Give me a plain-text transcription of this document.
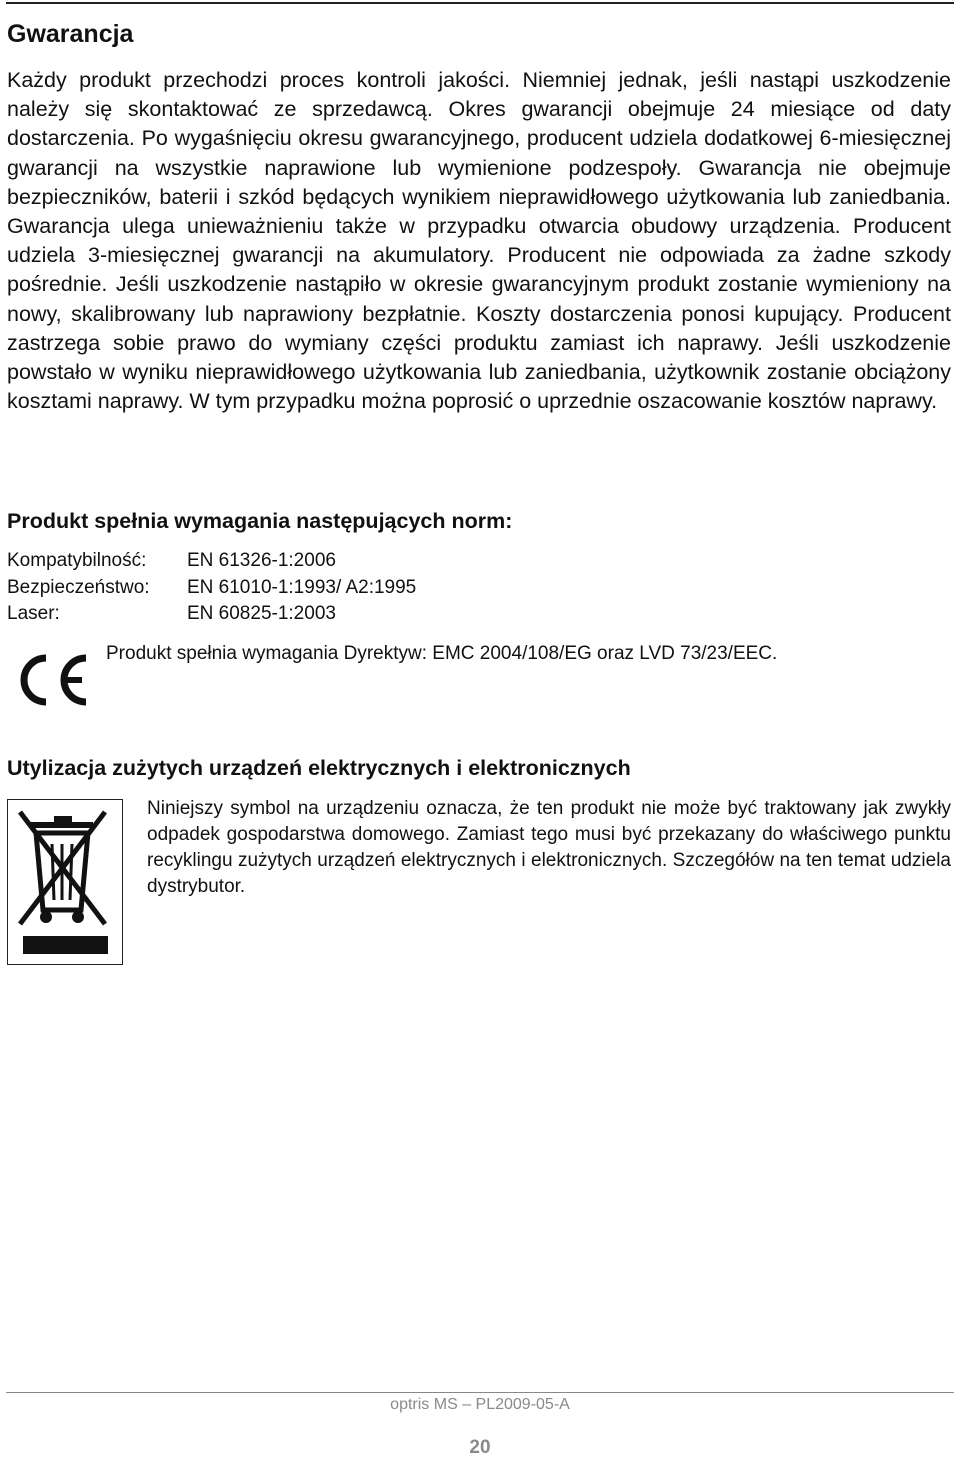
Gwarancja

Każdy produkt przechodzi proces kontroli jakości. Niemniej jednak, jeśli nastąpi uszkodzenie należy się skontaktować ze sprzedawcą. Okres gwarancji obejmuje 24 miesiące od daty dostarczenia. Po wygaśnięciu okresu gwarancyjnego, producent udziela dodatkowej 6-miesięcznej gwarancji na wszystkie naprawione lub wymienione podzespoły. Gwarancja nie obejmuje bezpieczników, baterii i szkód będących wynikiem nieprawidłowego użytkowania lub zaniedbania. Gwarancja ulega unieważnieniu także w przypadku otwarcia obudowy urządzenia. Producent udziela 3-miesięcznej gwarancji na akumulatory. Producent nie odpowiada za żadne szkody pośrednie. Jeśli uszkodzenie nastąpiło w okresie gwarancyjnym produkt zostanie wymieniony na nowy, skalibrowany lub naprawiony bezpłatnie. Koszty dostarczenia ponosi kupujący. Producent zastrzega sobie prawo do wymiany części produktu zamiast ich naprawy. Jeśli uszkodzenie powstało w wyniku nieprawidłowego użytkowania lub zaniedbania, użytkownik zostanie obciążony kosztami naprawy. W tym przypadku można poprosić o uprzednie oszacowanie kosztów naprawy.

Produkt spełnia wymagania następujących norm:
Kompatybilność:	EN 61326-1:2006
Bezpieczeństwo:	EN 61010-1:1993/ A2:1995
Laser:	EN 60825-1:2003
Produkt spełnia wymagania Dyrektyw: EMC 2004/108/EG oraz LVD 73/23/EEC.
Utylizacja zużytych urządzeń elektrycznych i elektronicznych

Niniejszy symbol na urządzeniu oznacza, że ten produkt nie może być traktowany jak zwykły odpadek gospodarstwa domowego. Zamiast tego musi być przekazany do właściwego punktu recyklingu zużytych urządzeń elektrycznych i elektronicznych. Szczegółów na ten temat udziela dystrybutor.

optris MS – PL2009-05-A
20
